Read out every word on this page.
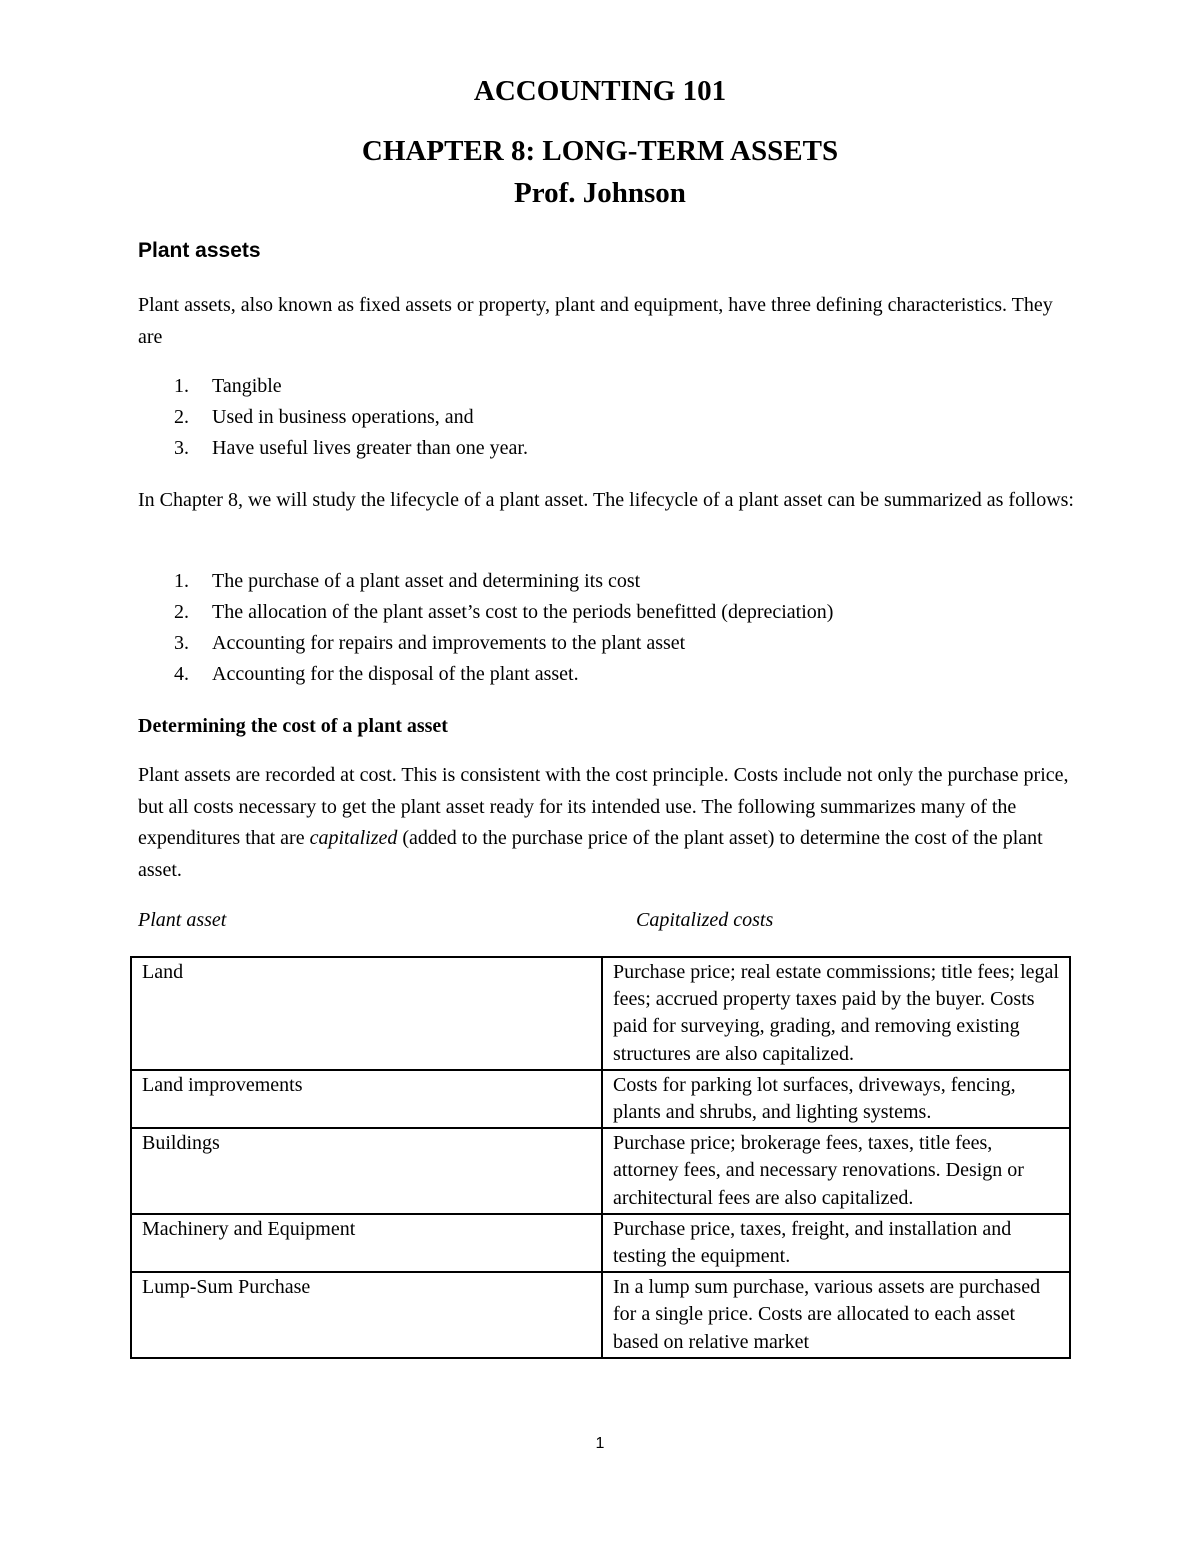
ACCOUNTING 101
CHAPTER 8: LONG-TERM ASSETS
Prof. Johnson
Plant assets

Plant assets, also known as fixed assets or property, plant and equipment, have three defining characteristics. They are

1. Tangible
2. Used in business operations, and
3. Have useful lives greater than one year.

In Chapter 8, we will study the lifecycle of a plant asset. The lifecycle of a plant asset can be summarized as follows:

1. The purchase of a plant asset and determining its cost
2. The allocation of the plant asset’s cost to the periods benefitted (depreciation)
3. Accounting for repairs and improvements to the plant asset
4. Accounting for the disposal of the plant asset.
Determining the cost of a plant asset

Plant assets are recorded at cost. This is consistent with the cost principle. Costs include not only the purchase price, but all costs necessary to get the plant asset ready for its intended use. The following summarizes many of the expenditures that are capitalized (added to the purchase price of the plant asset) to determine the cost of the plant asset.

Plant asset	Capitalized costs

Land	Purchase price; real estate commissions; title fees; legal fees; accrued property taxes paid by the buyer. Costs paid for surveying, grading, and removing existing structures are also capitalized.
Land improvements	Costs for parking lot surfaces, driveways, fencing, plants and shrubs, and lighting systems.
Buildings	Purchase price; brokerage fees, taxes, title fees, attorney fees, and necessary renovations. Design or architectural fees are also capitalized.
Machinery and Equipment	Purchase price, taxes, freight, and installation and testing the equipment.
Lump-Sum Purchase	In a lump sum purchase, various assets are purchased for a single price. Costs are allocated to each asset based on relative market

1
